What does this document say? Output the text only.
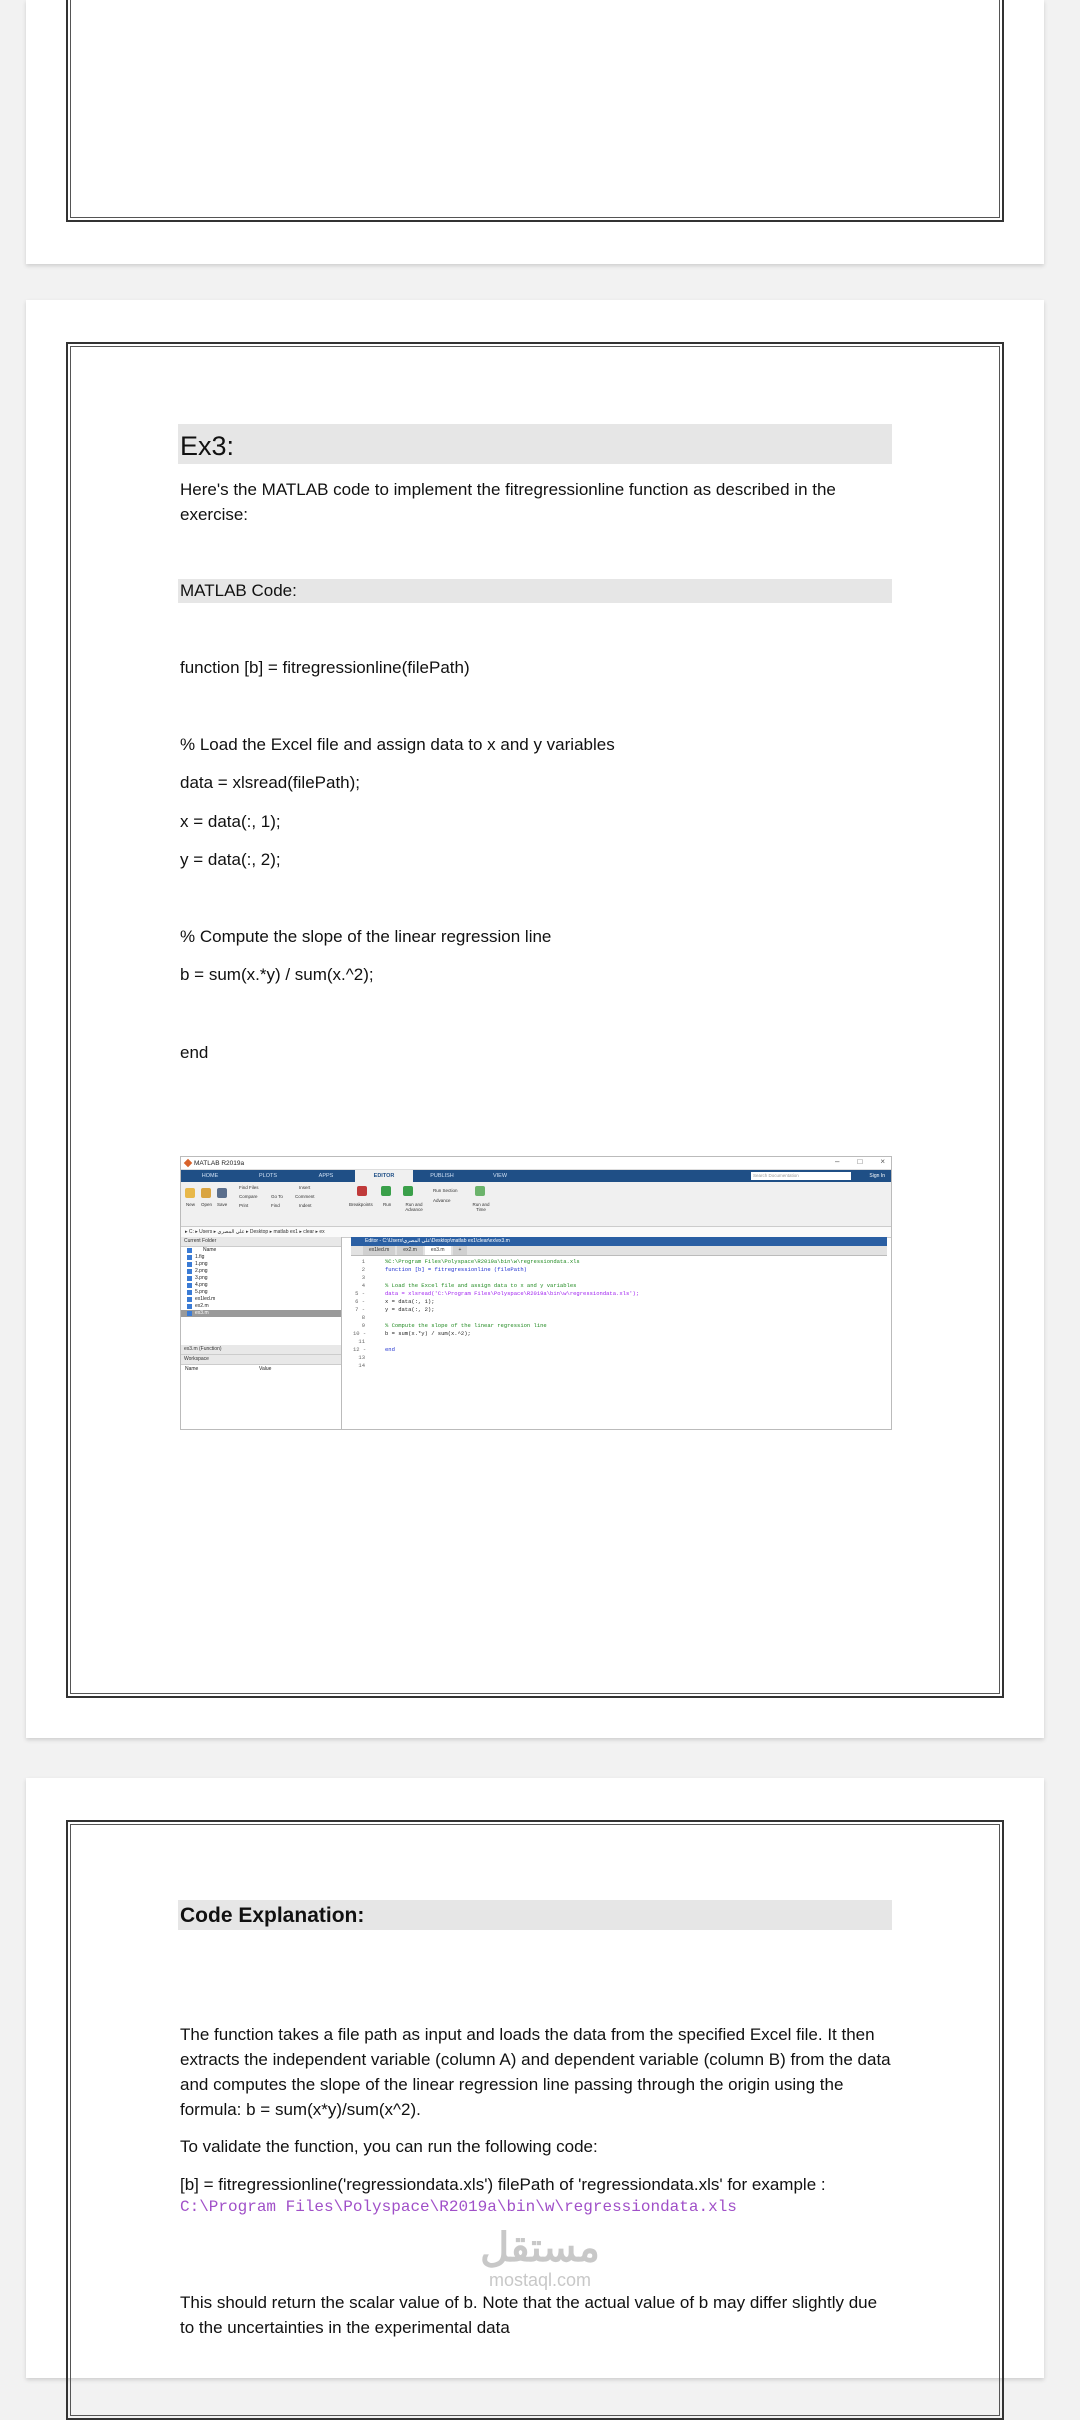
Ex3:
Here's the MATLAB code to implement the fitregressionline function as described in the exercise:
MATLAB Code:
function [b] = fitregressionline(filePath)
% Load the Excel file and assign data to x and y variables
data = xlsread(filePath);
x = data(:, 1);
y = data(:, 2);
% Compute the slope of the linear regression line
b = sum(x.*y) / sum(x.^2);
end
MATLAB R2019a	– □ ×
HOME	PLOTS	APPS	EDITOR	PUBLISH	VIEW	Search Documentation	Sign In
New Open Save
Find Files
Compare
Print
Go To
Find
Insert
Comment
Indent	Breakpoints Run	Run and Advance
Run Section
Advance
Run and Time
▸ C: ▸ Users ▸ علي المصري ▸ Desktop ▸ matlab ex1 ▸ clear ▸ ex
Current Folder
Name
1.fig
1.png
2.png
3.png
4.png
5.png
ex1led.m
ex2.m
ex3.m
ex3.m (Function)
Workspace
Name	Value
Editor - C:\Users\علي المصري\Desktop\matlab ex1\clear\ex\ex3.m
ex1led.m	ex2.m	ex3.m	+
1	%C:\Program Files\Polyspace\R2019a\bin\w\regressiondata.xls
2	function [b] = fitregressionline (filePath)
3
4	% Load the Excel file and assign data to x and y variables
5 -	data = xlsread('C:\Program Files\Polyspace\R2019a\bin\w\regressiondata.xls');
6 -	x = data(:, 1);
7 -	y = data(:, 2);
8
9	% Compute the slope of the linear regression line
10 -	b = sum(x.*y) / sum(x.^2);
11
12 -	end
13
14
Code Explanation:
The function takes a file path as input and loads the data from the specified Excel file. It then extracts the independent variable (column A) and dependent variable (column B) from the data and computes the slope of the linear regression line passing through the origin using the formula: b = sum(x*y)/sum(x^2).
To validate the function, you can run the following code:
[b] = fitregressionline('regressiondata.xls') filePath of 'regressiondata.xls' for example :
C:\Program Files\Polyspace\R2019a\bin\w\regressiondata.xls
مستقل
mostaql.com
This should return the scalar value of b. Note that the actual value of b may differ slightly due to the uncertainties in the experimental data
